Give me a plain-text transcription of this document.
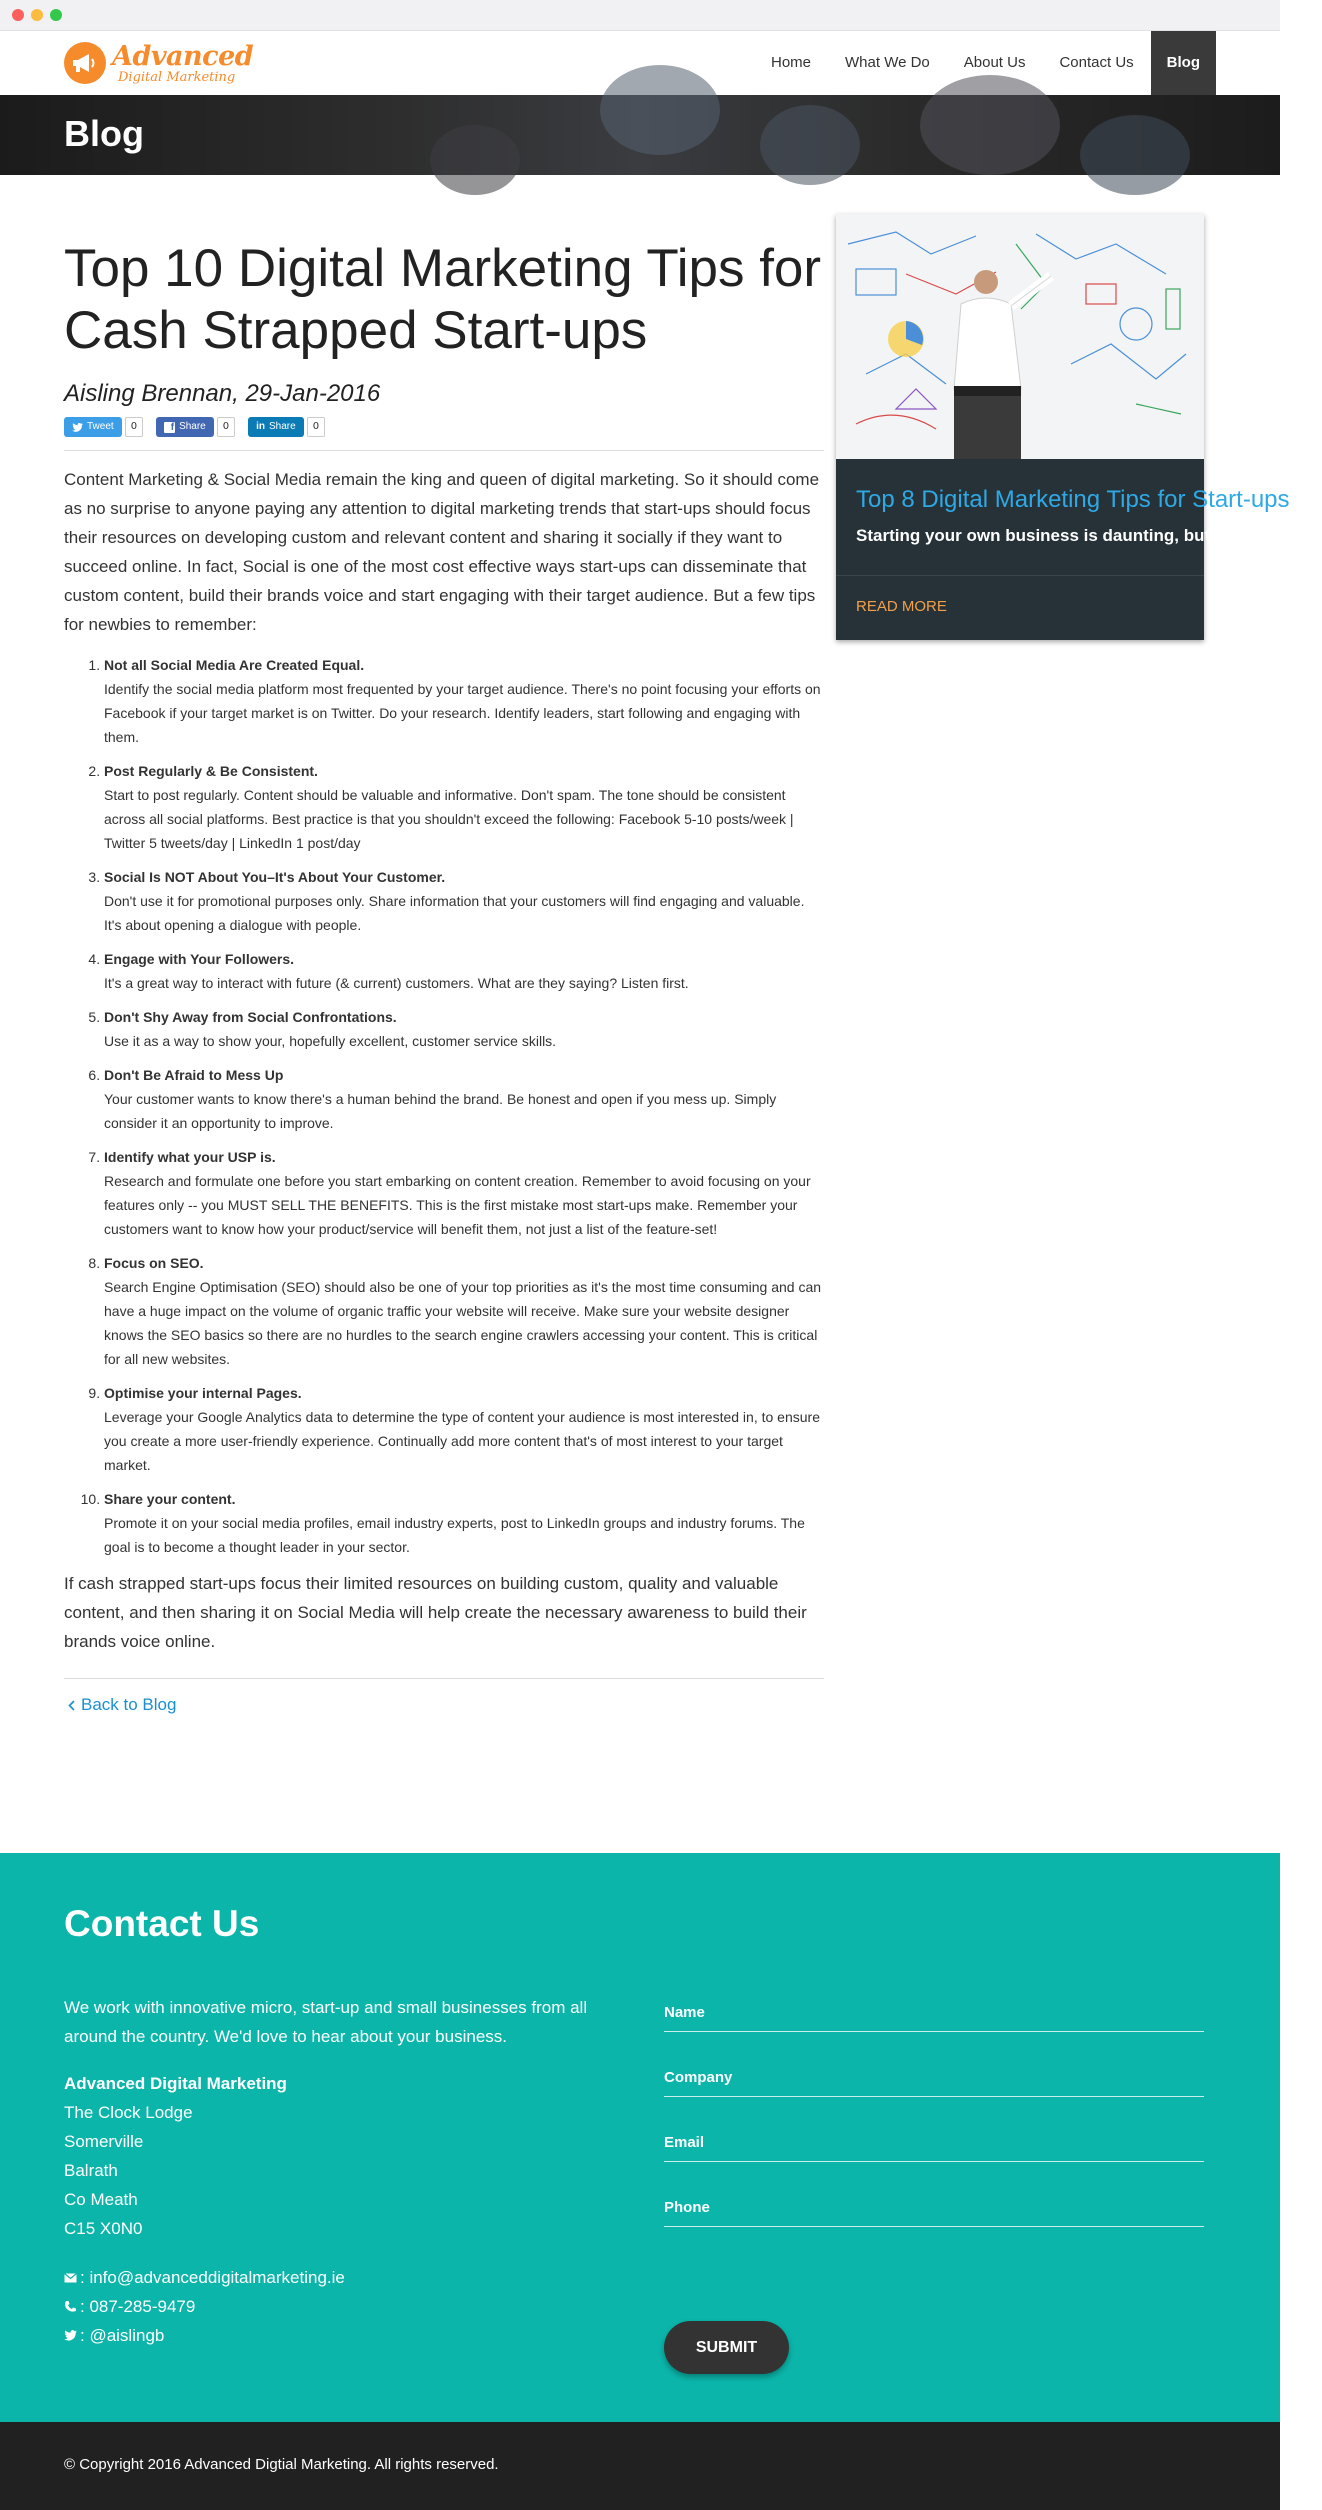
Advanced
Digital Marketing
Home	What We Do	About Us	Contact Us	Blog
Blog
Top 10 Digital Marketing Tips for Cash Strapped Start-ups
Aisling Brennan, 29-Jan-2016
Tweet	0	f Share	0	in Share	0

Content Marketing & Social Media remain the king and queen of digital marketing. So it should come as no surprise to anyone paying any attention to digital marketing trends that start-ups should focus their resources on developing custom and relevant content and sharing it socially if they want to succeed online. In fact, Social is one of the most cost effective ways start-ups can disseminate that custom content, build their brands voice and start engaging with their target audience. But a few tips for newbies to remember:

1. Not all Social Media Are Created Equal.
Identify the social media platform most frequented by your target audience. There's no point focusing your efforts on Facebook if your target market is on Twitter. Do your research. Identify leaders, start following and engaging with them.
2. Post Regularly & Be Consistent.
Start to post regularly. Content should be valuable and informative. Don't spam. The tone should be consistent across all social platforms. Best practice is that you shouldn't exceed the following: Facebook 5-10 posts/week | Twitter 5 tweets/day | LinkedIn 1 post/day
3. Social Is NOT About You–It's About Your Customer.
Don't use it for promotional purposes only. Share information that your customers will find engaging and valuable. It's about opening a dialogue with people.
4. Engage with Your Followers.
It's a great way to interact with future (& current) customers. What are they saying? Listen first.
5. Don't Shy Away from Social Confrontations.
Use it as a way to show your, hopefully excellent, customer service skills.
6. Don't Be Afraid to Mess Up
Your customer wants to know there's a human behind the brand. Be honest and open if you mess up. Simply consider it an opportunity to improve.
7. Identify what your USP is.
Research and formulate one before you start embarking on content creation. Remember to avoid focusing on your features only -- you MUST SELL THE BENEFITS. This is the first mistake most start-ups make. Remember your customers want to know how your product/service will benefit them, not just a list of the feature-set!
8. Focus on SEO.
Search Engine Optimisation (SEO) should also be one of your top priorities as it's the most time consuming and can have a huge impact on the volume of organic traffic your website will receive. Make sure your website designer knows the SEO basics so there are no hurdles to the search engine crawlers accessing your content. This is critical for all new websites.
9. Optimise your internal Pages.
Leverage your Google Analytics data to determine the type of content your audience is most interested in, to ensure you create a more user-friendly experience. Continually add more content that's of most interest to your target market.
10. Share your content.
Promote it on your social media profiles, email industry experts, post to LinkedIn groups and industry forums. The goal is to become a thought leader in your sector.

If cash strapped start-ups focus their limited resources on building custom, quality and valuable content, and then sharing it on Social Media will help create the necessary awareness to build their brands voice online.

Back to Blog
Top 8 Digital Marketing Tips for Start-ups
Starting your own business is daunting, but with the right
READ MORE
Contact Us

We work with innovative micro, start-up and small businesses from all around the country. We'd love to hear about your business.

Advanced Digital Marketing
The Clock Lodge
Somerville
Balrath
Co Meath
C15 X0N0
: info@advanceddigitalmarketing.ie
: 087-285-9479
: @aislingb
Name
Company
Email
Phone
SUBMIT
© Copyright 2016 Advanced Digtial Marketing. All rights reserved.
